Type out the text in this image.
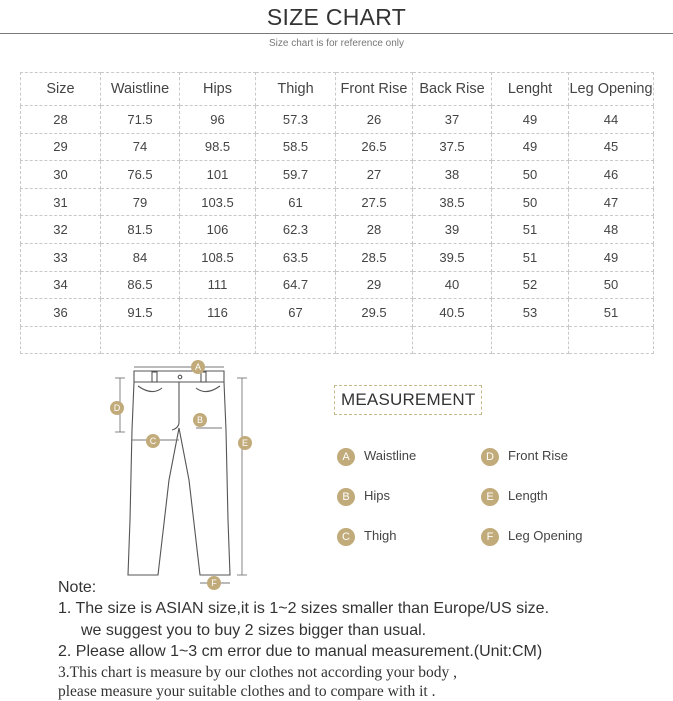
SIZE CHART
Size chart is for reference only
Size	Waistline	Hips	Thigh	Front Rise	Back Rise	Lenght	Leg Opening
28	71.5	96	57.3	26	37	49	44
29	74	98.5	58.5	26.5	37.5	49	45
30	76.5	101	59.7	27	38	50	46
31	79	103.5	61	27.5	38.5	50	47
32	81.5	106	62.3	28	39	51	48
33	84	108.5	63.5	28.5	39.5	51	49
34	86.5	111	64.7	29	40	52	50
36	91.5	116	67	29.5	40.5	53	51

A
B
C
D
E
F
MEASUREMENT
A Waistline
B Hips
C Thigh
D Front Rise
E Length
F Leg Opening
Note:
1. The size is ASIAN size,it is 1~2 sizes smaller than Europe/US size.
we suggest you to buy 2 sizes bigger than usual.
2. Please allow 1~3 cm error due to manual measurement.(Unit:CM)
3.This chart is measure by our clothes not according your body ,
please measure your suitable clothes and to compare with it .
